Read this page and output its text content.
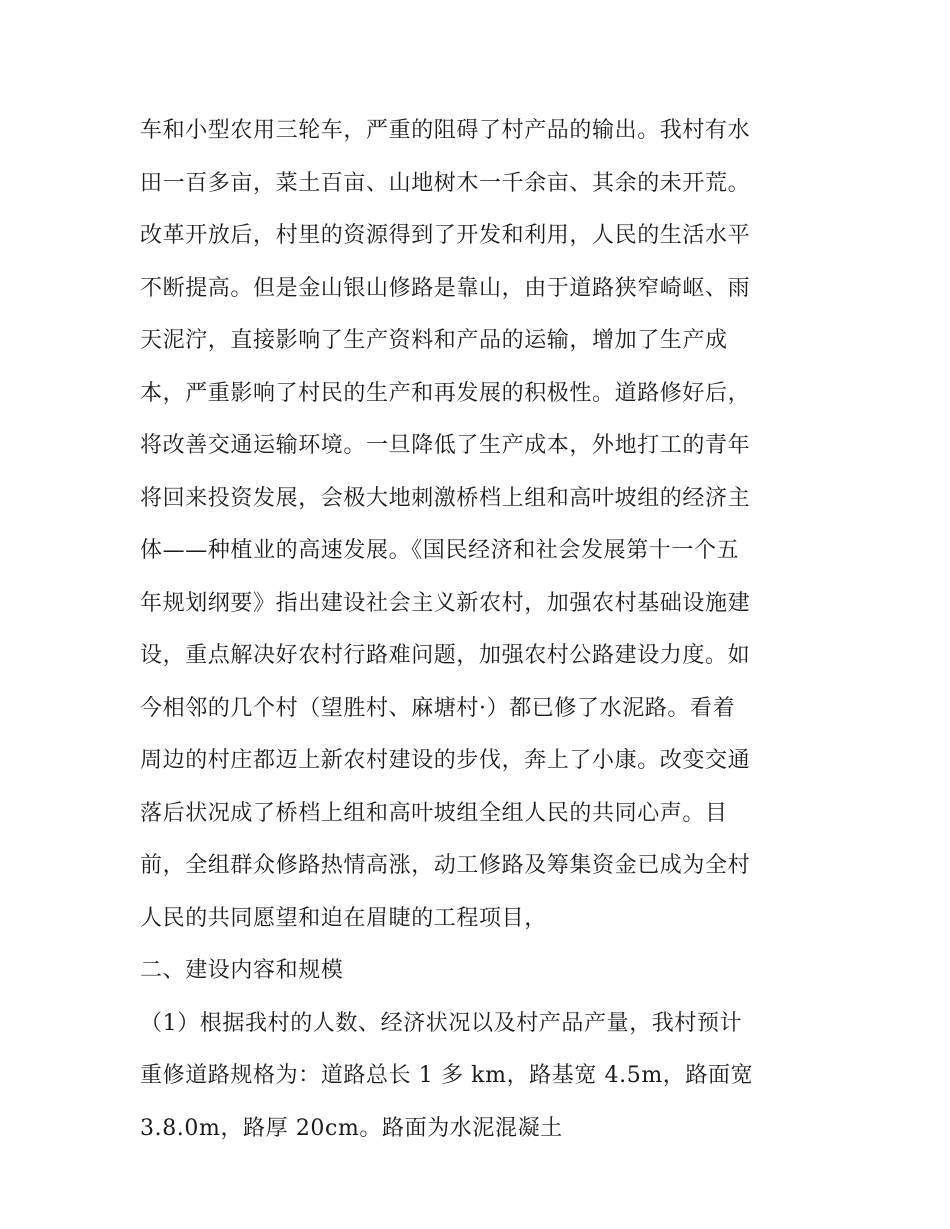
车和小型农用三轮车，严重的阻碍了村产品的输出。我村有水
田一百多亩，菜土百亩、山地树木一千余亩、其余的未开荒。
改革开放后，村里的资源得到了开发和利用，人民的生活水平
不断提高。但是金山银山修路是靠山，由于道路狭窄崎岖、雨
天泥泞，直接影响了生产资料和产品的运输，增加了生产成
本，严重影响了村民的生产和再发展的积极性。道路修好后，
将改善交通运输环境。一旦降低了生产成本，外地打工的青年
将回来投资发展，会极大地刺激桥档上组和高叶坡组的经济主
体——种植业的高速发展。《国民经济和社会发展第十一个五
年规划纲要》指出建设社会主义新农村，加强农村基础设施建
设，重点解决好农村行路难问题，加强农村公路建设力度。如
今相邻的几个村（望胜村、麻塘村·）都已修了水泥路。看着
周边的村庄都迈上新农村建设的步伐，奔上了小康。改变交通
落后状况成了桥档上组和高叶坡组全组人民的共同心声。目
前，全组群众修路热情高涨，动工修路及筹集资金已成为全村
人民的共同愿望和迫在眉睫的工程项目，
二、建设内容和规模
（1）根据我村的人数、经济状况以及村产品产量，我村预计
重修道路规格为：道路总长 1 多 km，路基宽 4.5m，路面宽
3.8.0m，路厚 20cm。路面为水泥混凝土
